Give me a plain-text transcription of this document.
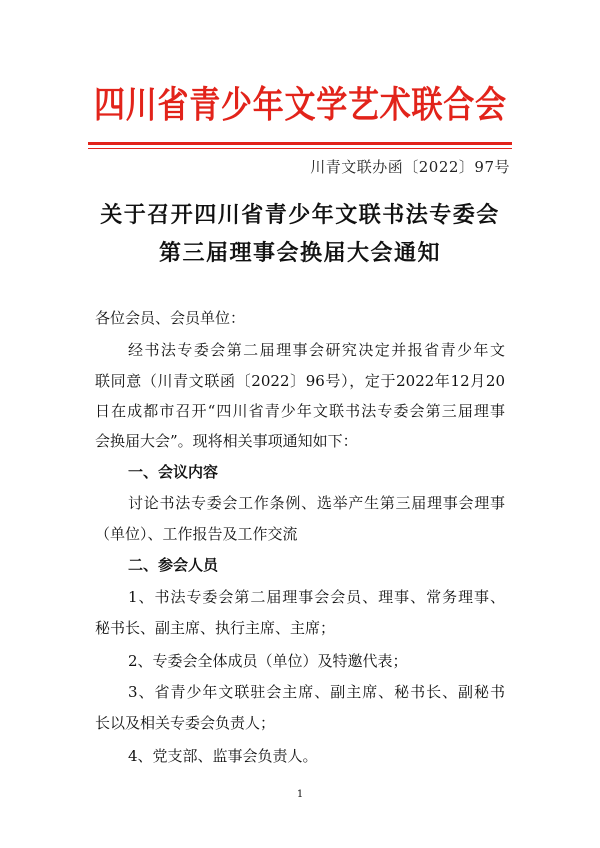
四川省青少年文学艺术联合会
川青文联办函〔2022〕97号
关于召开四川省青少年文联书法专委会
第三届理事会换届大会通知
各位会员、会员单位：
经书法专委会第二届理事会研究决定并报省青少年文
联同意（川青文联函〔2022〕96号），定于2022年12月20
日在成都市召开“四川省青少年文联书法专委会第三届理事
会换届大会”。现将相关事项通知如下：
一、会议内容
讨论书法专委会工作条例、选举产生第三届理事会理事
（单位）、工作报告及工作交流
二、参会人员
1、书法专委会第二届理事会会员、理事、常务理事、
秘书长、副主席、执行主席、主席；
2、专委会全体成员（单位）及特邀代表；
3、省青少年文联驻会主席、副主席、秘书长、副秘书
长以及相关专委会负责人；
4、党支部、监事会负责人。
1
